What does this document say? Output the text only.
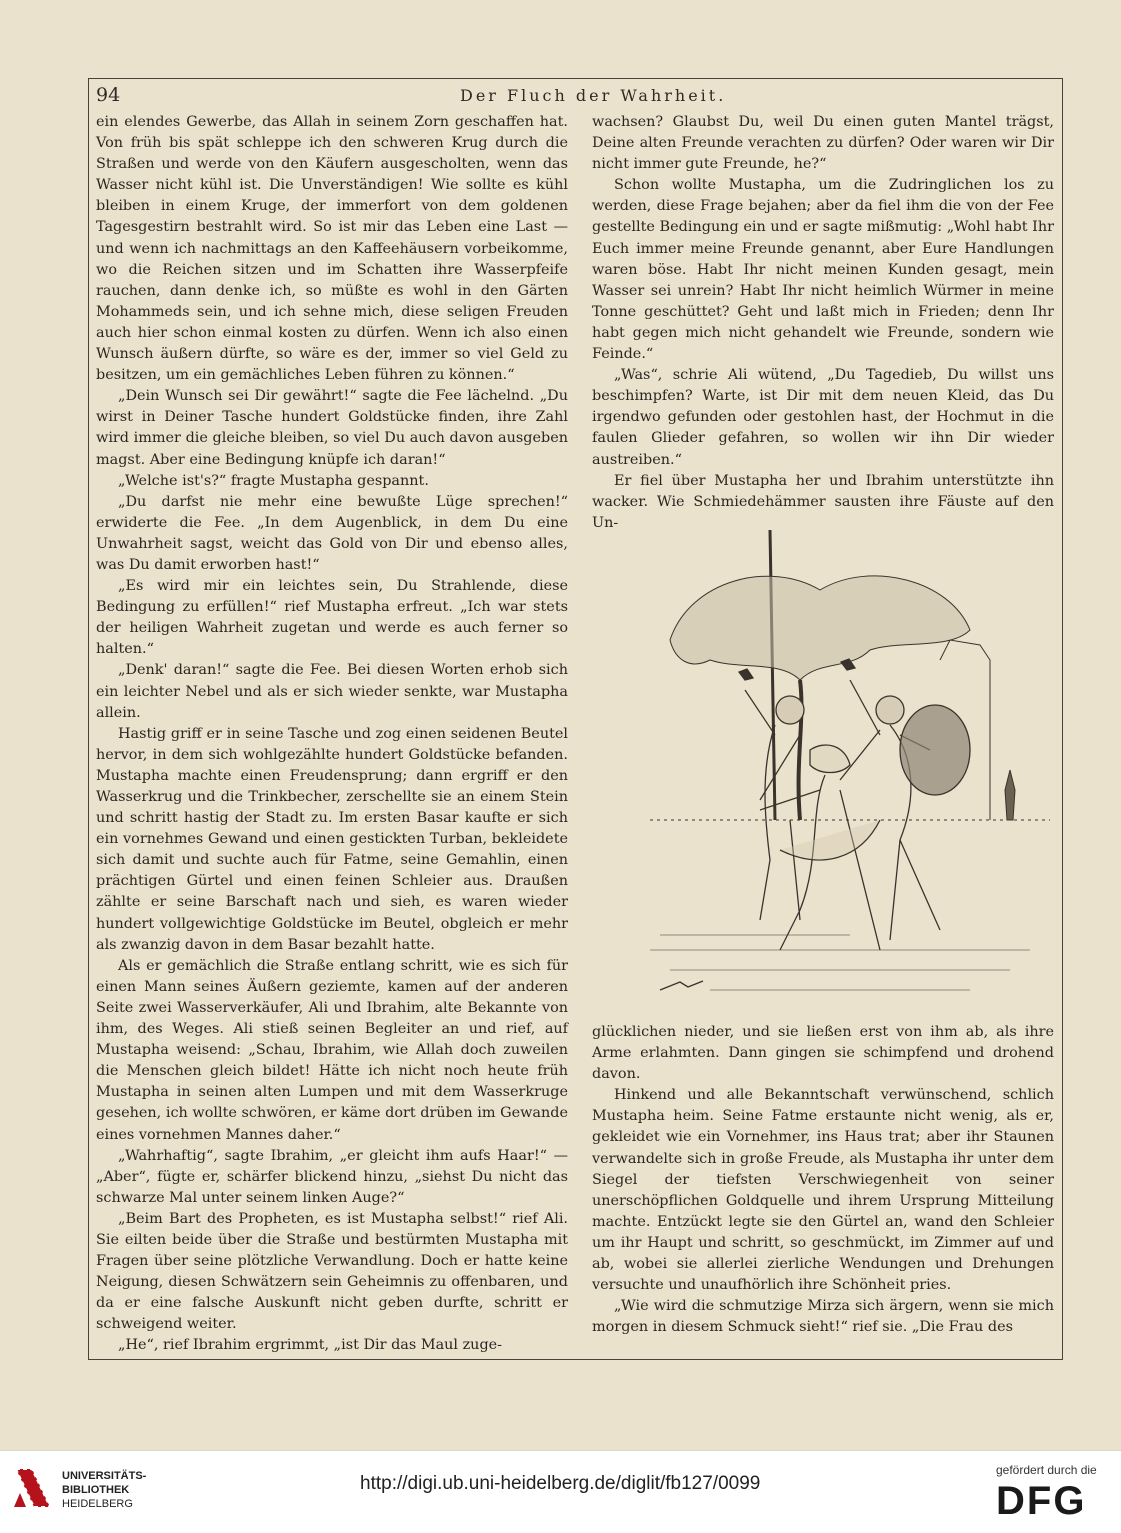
94	Der Fluch der Wahrheit.

ein elendes Gewerbe, das Allah in seinem Zorn geschaffen hat. Von früh bis spät schleppe ich den schweren Krug durch die Straßen und werde von den Käufern ausgescholten, wenn das Wasser nicht kühl ist. Die Unverständigen! Wie sollte es kühl bleiben in einem Kruge, der immerfort von dem goldenen Tagesgestirn bestrahlt wird. So ist mir das Leben eine Last — und wenn ich nachmittags an den Kaffeehäusern vorbeikomme, wo die Reichen sitzen und im Schatten ihre Wasserpfeife rauchen, dann denke ich, so müßte es wohl in den Gärten Mohammeds sein, und ich sehne mich, diese seligen Freuden auch hier schon einmal kosten zu dürfen. Wenn ich also einen Wunsch äußern dürfte, so wäre es der, immer so viel Geld zu besitzen, um ein gemächliches Leben führen zu können.“

„Dein Wunsch sei Dir gewährt!“ sagte die Fee lächelnd. „Du wirst in Deiner Tasche hundert Goldstücke finden, ihre Zahl wird immer die gleiche bleiben, so viel Du auch davon ausgeben magst. Aber eine Bedingung knüpfe ich daran!“

„Welche ist's?“ fragte Mustapha gespannt.

„Du darfst nie mehr eine bewußte Lüge sprechen!“ erwiderte die Fee. „In dem Augenblick, in dem Du eine Unwahrheit sagst, weicht das Gold von Dir und ebenso alles, was Du damit erworben hast!“

„Es wird mir ein leichtes sein, Du Strahlende, diese Bedingung zu erfüllen!“ rief Mustapha erfreut. „Ich war stets der heiligen Wahrheit zugetan und werde es auch ferner so halten.“

„Denk' daran!“ sagte die Fee. Bei diesen Worten erhob sich ein leichter Nebel und als er sich wieder senkte, war Mustapha allein.

Hastig griff er in seine Tasche und zog einen seidenen Beutel hervor, in dem sich wohlgezählte hundert Goldstücke befanden. Mustapha machte einen Freudensprung; dann ergriff er den Wasserkrug und die Trinkbecher, zerschellte sie an einem Stein und schritt hastig der Stadt zu. Im ersten Basar kaufte er sich ein vornehmes Gewand und einen gestickten Turban, bekleidete sich damit und suchte auch für Fatme, seine Gemahlin, einen prächtigen Gürtel und einen feinen Schleier aus. Draußen zählte er seine Barschaft nach und sieh, es waren wieder hundert vollgewichtige Goldstücke im Beutel, obgleich er mehr als zwanzig davon in dem Basar bezahlt hatte.

Als er gemächlich die Straße entlang schritt, wie es sich für einen Mann seines Äußern geziemte, kamen auf der anderen Seite zwei Wasserverkäufer, Ali und Ibrahim, alte Bekannte von ihm, des Weges. Ali stieß seinen Begleiter an und rief, auf Mustapha weisend: „Schau, Ibrahim, wie Allah doch zuweilen die Menschen gleich bildet! Hätte ich nicht noch heute früh Mustapha in seinen alten Lumpen und mit dem Wasserkruge gesehen, ich wollte schwören, er käme dort drüben im Gewande eines vornehmen Mannes daher.“

„Wahrhaftig“, sagte Ibrahim, „er gleicht ihm aufs Haar!“ — „Aber“, fügte er, schärfer blickend hinzu, „siehst Du nicht das schwarze Mal unter seinem linken Auge?“

„Beim Bart des Propheten, es ist Mustapha selbst!“ rief Ali. Sie eilten beide über die Straße und bestürmten Mustapha mit Fragen über seine plötzliche Verwandlung. Doch er hatte keine Neigung, diesen Schwätzern sein Geheimnis zu offenbaren, und da er eine falsche Auskunft nicht geben durfte, schritt er schweigend weiter.

„He“, rief Ibrahim ergrimmt, „ist Dir das Maul zuge-

wachsen? Glaubst Du, weil Du einen guten Mantel trägst, Deine alten Freunde verachten zu dürfen? Oder waren wir Dir nicht immer gute Freunde, he?“

Schon wollte Mustapha, um die Zudringlichen los zu werden, diese Frage bejahen; aber da fiel ihm die von der Fee gestellte Bedingung ein und er sagte mißmutig: „Wohl habt Ihr Euch immer meine Freunde genannt, aber Eure Handlungen waren böse. Habt Ihr nicht meinen Kunden gesagt, mein Wasser sei unrein? Habt Ihr nicht heimlich Würmer in meine Tonne geschüttet? Geht und laßt mich in Frieden; denn Ihr habt gegen mich nicht gehandelt wie Freunde, sondern wie Feinde.“

„Was“, schrie Ali wütend, „Du Tagedieb, Du willst uns beschimpfen? Warte, ist Dir mit dem neuen Kleid, das Du irgendwo gefunden oder gestohlen hast, der Hochmut in die faulen Glieder gefahren, so wollen wir ihn Dir wieder austreiben.“

Er fiel über Mustapha her und Ibrahim unterstützte ihn wacker. Wie Schmiedehämmer sausten ihre Fäuste auf den Un-

glücklichen nieder, und sie ließen erst von ihm ab, als ihre Arme erlahmten. Dann gingen sie schimpfend und drohend davon.

Hinkend und alle Bekanntschaft verwünschend, schlich Mustapha heim. Seine Fatme erstaunte nicht wenig, als er, gekleidet wie ein Vornehmer, ins Haus trat; aber ihr Staunen verwandelte sich in große Freude, als Mustapha ihr unter dem Siegel der tiefsten Verschwiegenheit von seiner unerschöpflichen Goldquelle und ihrem Ursprung Mitteilung machte. Entzückt legte sie den Gürtel an, wand den Schleier um ihr Haupt und schritt, so geschmückt, im Zimmer auf und ab, wobei sie allerlei zierliche Wendungen und Drehungen versuchte und unaufhörlich ihre Schönheit pries.

„Wie wird die schmutzige Mirza sich ärgern, wenn sie mich morgen in diesem Schmuck sieht!“ rief sie. „Die Frau des

UNIVERSITÄTS-
BIBLIOTHEK
HEIDELBERG
http://digi.ub.uni-heidelberg.de/diglit/fb127/0099
gefördert durch die
DFG
